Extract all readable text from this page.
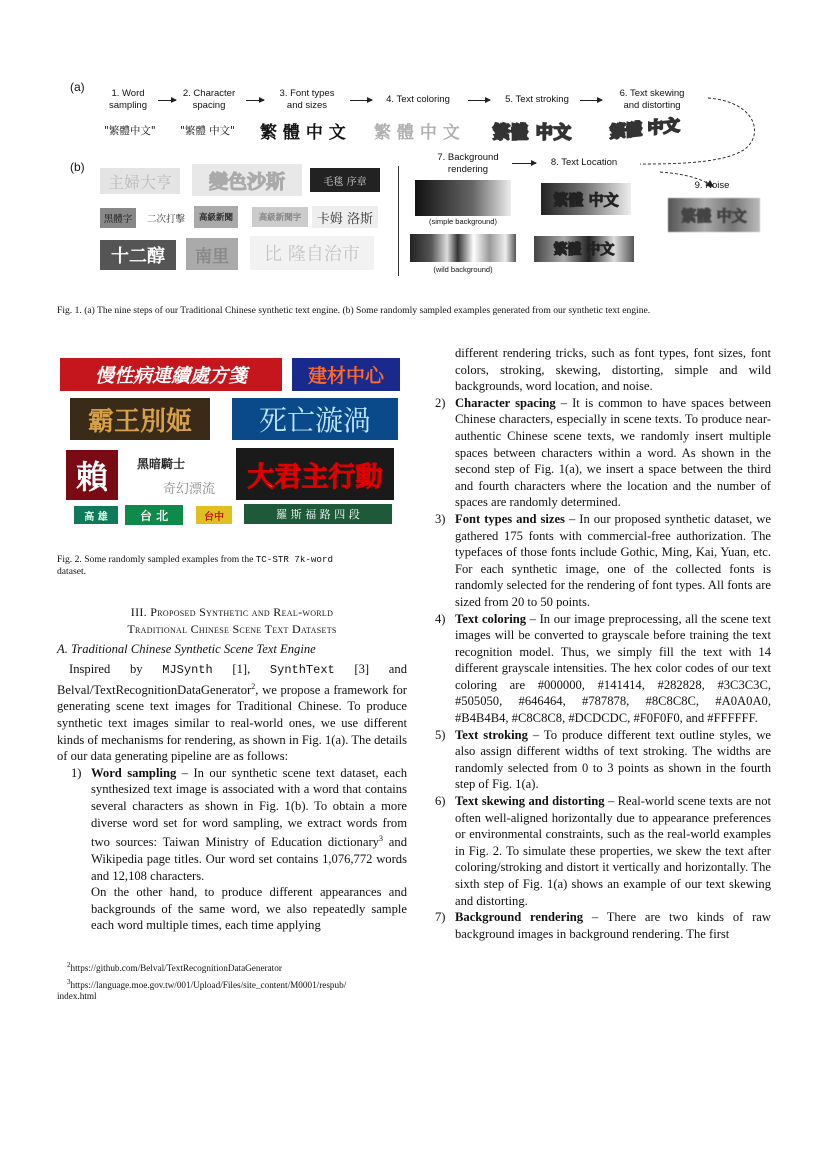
(a)
(b)
1. Word
sampling
2. Character
spacing
3. Font types
and sizes
4. Text coloring	5. Text stroking
6. Text skewing
and distorting
"繁體中文" "繁體 中文" 繁 體 中 文 繁 體 中 文 繁體 中文 繁體 中文
7. Background
rendering
8. Text Location
9. Noise
(simple background)
(wild background)
繁體 中文
繁體 中文
繁體 中文
主婦大亨	變色沙斯	毛毯 序章
黑體字	二次打擊	高級新聞	高級新聞字	卡姆 洛斯
十二醇	南里	比 隆自治市
Fig. 1. (a) The nine steps of our Traditional Chinese synthetic text engine. (b) Some randomly sampled examples generated from our synthetic text engine.
慢性病連續處方箋	建材中心
霸王別姬	死亡漩渦
賴	黑暗騎士
奇幻漂流	大君主行動
高 雄	台 北	台中	羅 斯 福 路 四 段
Fig. 2. Some randomly sampled examples from the TC-STR 7k-word
dataset.
III. Proposed Synthetic and Real-world
Traditional Chinese Scene Text Datasets
A. Traditional Chinese Synthetic Scene Text Engine

Inspired by MJSynth [1], SynthText [3] and Belval/TextRecognitionDataGenerator$^2$, we propose a framework for generating scene text images for Traditional Chinese. To produce synthetic text images similar to real-world ones, we use different kinds of mechanisms for rendering, as shown in Fig. 1(a). The details of our data generating pipeline are as follows:

1) Word sampling – In our synthetic scene text dataset, each synthesized text image is associated with a word that contains several characters as shown in Fig. 1(b). To obtain a more diverse word set for word sampling, we extract words from two sources: Taiwan Ministry of Education dictionary$^3$ and Wikipedia page titles. Our word set contains 1,076,772 words and 12,108 characters.

On the other hand, to produce different appearances and backgrounds of the same word, we also repeatedly sample each word multiple times, each time applying

$^2$https://github.com/Belval/TextRecognitionDataGenerator
$^3$https://language.moe.gov.tw/001/Upload/Files/site_content/M0001/respub/
index.html

different rendering tricks, such as font types, font sizes, font colors, stroking, skewing, distorting, simple and wild backgrounds, word location, and noise.

2) Character spacing – It is common to have spaces between Chinese characters, especially in scene texts. To produce near-authentic Chinese scene texts, we randomly insert multiple spaces between characters within a word. As shown in the second step of Fig. 1(a), we insert a space between the third and fourth characters where the location and the number of spaces are randomly determined.

3) Font types and sizes – In our proposed synthetic dataset, we gathered 175 fonts with commercial-free authorization. The typefaces of those fonts include Gothic, Ming, Kai, Yuan, etc. For each synthetic image, one of the collected fonts is randomly selected for the rendering of font types. All fonts are sized from 20 to 50 points.

4) Text coloring – In our image preprocessing, all the scene text images will be converted to grayscale before training the text recognition model. Thus, we simply fill the text with 14 different grayscale intensities. The hex color codes of our text coloring are #000000, #141414, #282828, #3C3C3C, #505050, #646464, #787878, #8C8C8C, #A0A0A0, #B4B4B4, #C8C8C8, #DCDCDC, #F0F0F0, and #FFFFFF.

5) Text stroking – To produce different text outline styles, we also assign different widths of text stroking. The widths are randomly selected from 0 to 3 points as shown in the fourth step of Fig. 1(a).

6) Text skewing and distorting – Real-world scene texts are not often well-aligned horizontally due to appearance preferences or environmental constraints, such as the real-world examples in Fig. 2. To simulate these properties, we skew the text after coloring/stroking and distort it vertically and horizontally. The sixth step of Fig. 1(a) shows an example of our text skewing and distorting.

7) Background rendering – There are two kinds of raw background images in background rendering. The first
